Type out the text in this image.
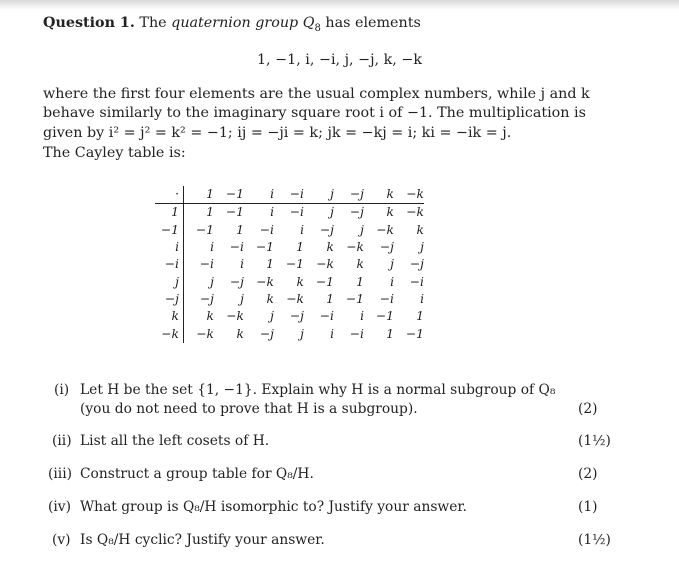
Question 1. The quaternion group $Q_8$ has elements
1, −1, i, −i, j, −j, k, −k
where the first four elements are the usual complex numbers, while j and k
behave similarly to the imaginary square root i of −1. The multiplication is
given by i² = j² = k² = −1; ij = −ji = k; jk = −kj = i; ki = −ik = j.
The Cayley table is:
·	1	−1	i	−i	j	−j	k	−k
1	1	−1	i	−i	j	−j	k	−k
−1	−1	1	−i	i	−j	j	−k	k
i	i	−i	−1	1	k	−k	−j	j
−i	−i	i	1	−1	−k	k	j	−j
j	j	−j	−k	k	−1	1	i	−i
−j	−j	j	k	−k	1	−1	−i	i
k	k	−k	j	−j	−i	i	−1	1
−k	−k	k	−j	j	i	−i	1	−1
(i) Let H be the set {1, −1}. Explain why H is a normal subgroup of Q₈
(you do not need to prove that H is a subgroup).	(2)
(ii) List all the left cosets of H.	(1½)
(iii) Construct a group table for Q₈/H.	(2)
(iv) What group is Q₈/H isomorphic to? Justify your answer.	(1)
(v) Is Q₈/H cyclic? Justify your answer.	(1½)
